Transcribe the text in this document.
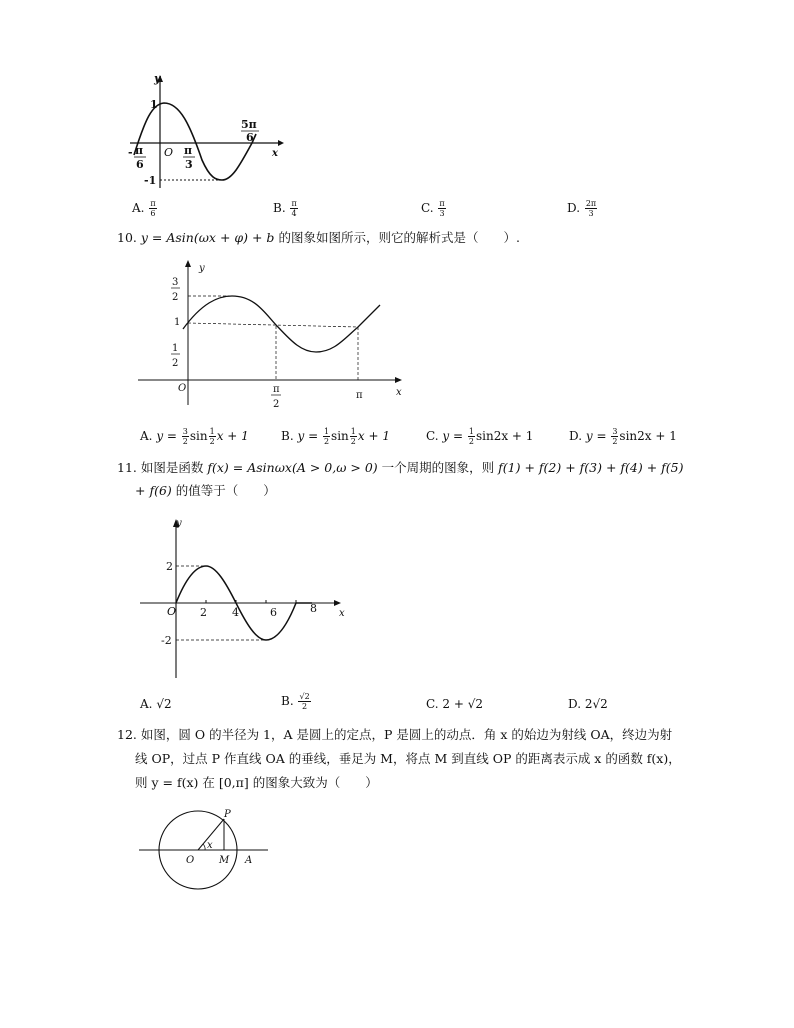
y
x
1
-1
O
- π
6
π
3
5π
6
A. $\frac{\pi}{6}$	B. $\frac{\pi}{4}$	C. $\frac{\pi}{3}$	D. $\frac{2\pi}{3}$
10. y = Asin(ωx + φ) + b 的图象如图所示，则它的解析式是（　　）.
y
x
O
3
2
1
1
2
π
2
π
A. $y = \frac{3}{2}$ $\sin \frac{1}{2}$ x + 1	B. $y = \frac{1}{2}$ $\sin \frac{1}{2}$ x + 1	C. $y = \frac{1}{2} \sin 2x + 1$	D. $y = \frac{3}{2} \sin 2x + 1$
11. 如图是函数 f(x) = Asinωx(A > 0,ω > 0) 一个周期的图象，则 f(1) + f(2) + f(3) + f(4) + f(5)
+ f(6) 的值等于（　　）
y
x
O
2
-2
2 4	6	8
A. √2	B. $\frac{√2}{2}$	C. 2 + √2	D. 2√2
12. 如图，圆 O 的半径为 1，A 是圆上的定点，P 是圆上的动点．角 x 的始边为射线 OA，终边为射
线 OP，过点 P 作直线 OA 的垂线，垂足为 M，将点 M 到直线 OP 的距离表示成 x 的函数 f(x)，
则 y = f(x) 在 [0,π] 的图象大致为（　　）
P
x
O M A
